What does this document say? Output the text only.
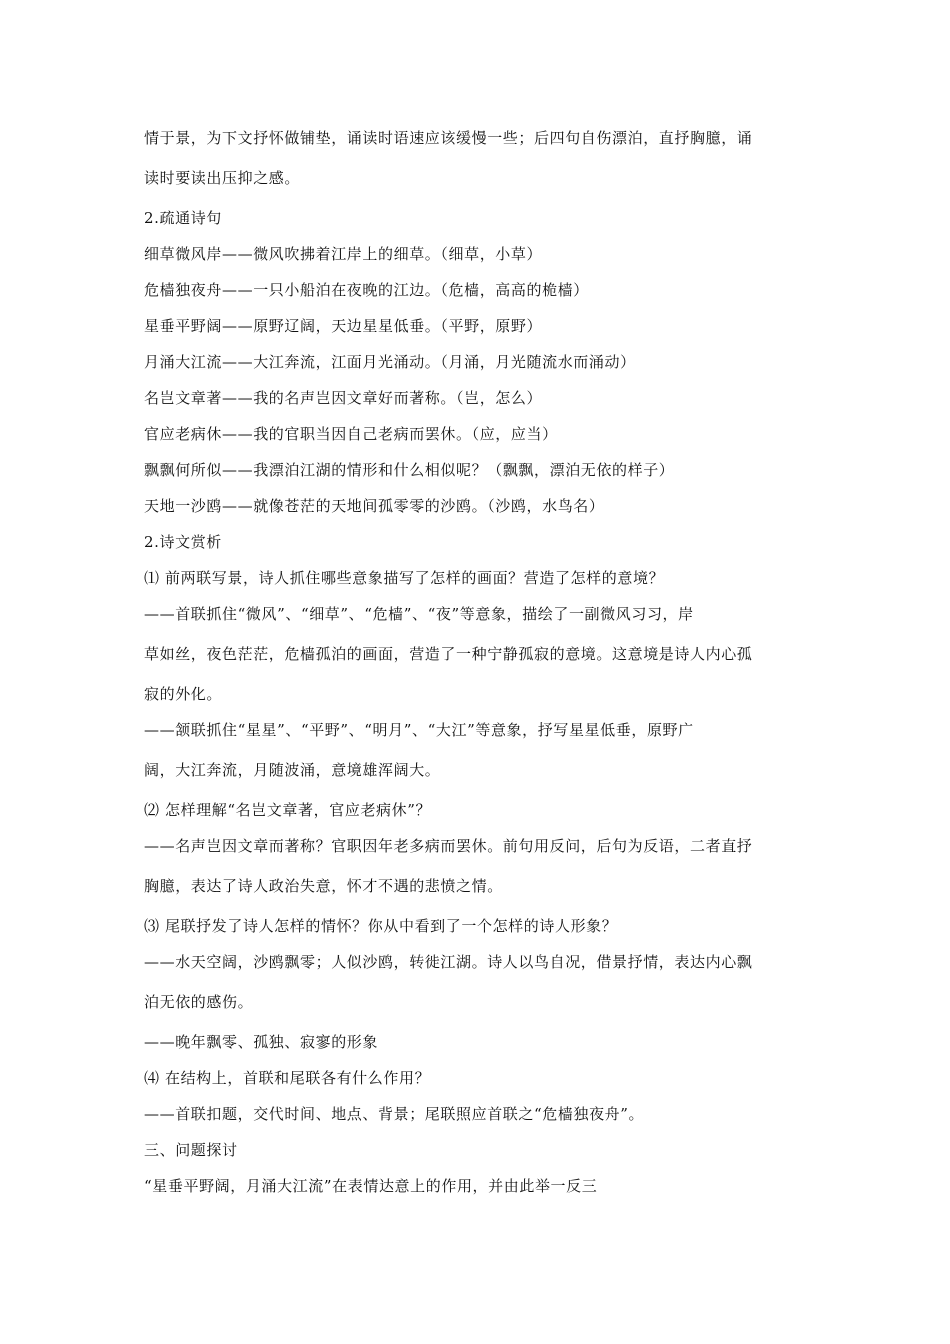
情于景，为下文抒怀做铺垫，诵读时语速应该缓慢一些；后四句自伤漂泊，直抒胸臆，诵

读时要读出压抑之感。

2.疏通诗句

细草微风岸——微风吹拂着江岸上的细草。（细草，小草）

危樯独夜舟——一只小船泊在夜晚的江边。（危樯，高高的桅樯）

星垂平野阔——原野辽阔，天边星星低垂。（平野，原野）

月涌大江流——大江奔流，江面月光涌动。（月涌，月光随流水而涌动）

名岂文章著——我的名声岂因文章好而著称。（岂，怎么）

官应老病休——我的官职当因自己老病而罢休。（应，应当）

飘飘何所似——我漂泊江湖的情形和什么相似呢？（飘飘，漂泊无依的样子）

天地一沙鸥——就像苍茫的天地间孤零零的沙鸥。（沙鸥，水鸟名）

2.诗文赏析

⑴ 前两联写景，诗人抓住哪些意象描写了怎样的画面？营造了怎样的意境？

——首联抓住“微风”、“细草”、“危樯”、“夜”等意象，描绘了一副微风习习，岸

草如丝，夜色茫茫，危樯孤泊的画面，营造了一种宁静孤寂的意境。这意境是诗人内心孤

寂的外化。

——颔联抓住“星星”、“平野”、“明月”、“大江”等意象，抒写星星低垂，原野广

阔，大江奔流，月随波涌，意境雄浑阔大。

⑵ 怎样理解“名岂文章著，官应老病休”？

——名声岂因文章而著称？官职因年老多病而罢休。前句用反问，后句为反语，二者直抒

胸臆，表达了诗人政治失意，怀才不遇的悲愤之情。

⑶ 尾联抒发了诗人怎样的情怀？你从中看到了一个怎样的诗人形象？

——水天空阔，沙鸥飘零；人似沙鸥，转徙江湖。诗人以鸟自况，借景抒情，表达内心飘

泊无依的感伤。

——晚年飘零、孤独、寂寥的形象

⑷ 在结构上，首联和尾联各有什么作用？

——首联扣题，交代时间、地点、背景；尾联照应首联之“危樯独夜舟”。

三、问题探讨

“星垂平野阔，月涌大江流”在表情达意上的作用，并由此举一反三
